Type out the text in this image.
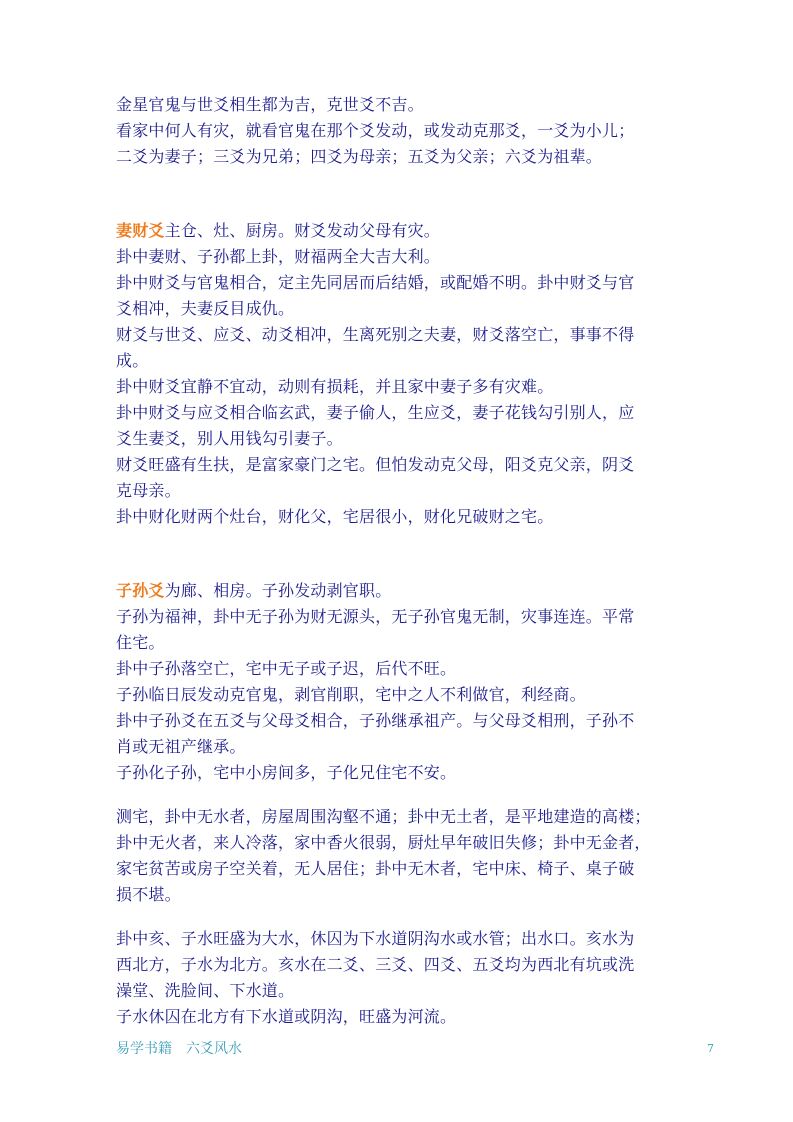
金星官鬼与世爻相生都为吉，克世爻不吉。
看家中何人有灾，就看官鬼在那个爻发动，或发动克那爻，一爻为小儿；
二爻为妻子；三爻为兄弟；四爻为母亲；五爻为父亲；六爻为祖辈。
妻财爻主仓、灶、厨房。财爻发动父母有灾。
卦中妻财、子孙都上卦，财福两全大吉大利。
卦中财爻与官鬼相合，定主先同居而后结婚，或配婚不明。卦中财爻与官
爻相冲，夫妻反目成仇。
财爻与世爻、应爻、动爻相冲，生离死别之夫妻，财爻落空亡，事事不得
成。
卦中财爻宜静不宜动，动则有损耗，并且家中妻子多有灾难。
卦中财爻与应爻相合临玄武，妻子偷人，生应爻，妻子花钱勾引别人，应
爻生妻爻，别人用钱勾引妻子。
财爻旺盛有生扶，是富家豪门之宅。但怕发动克父母，阳爻克父亲，阴爻
克母亲。
卦中财化财两个灶台，财化父，宅居很小，财化兄破财之宅。
子孙爻为廊、相房。子孙发动剥官职。
子孙为福神，卦中无子孙为财无源头，无子孙官鬼无制，灾事连连。平常
住宅。
卦中子孙落空亡，宅中无子或子迟，后代不旺。
子孙临日辰发动克官鬼，剥官削职，宅中之人不利做官，利经商。
卦中子孙爻在五爻与父母爻相合，子孙继承祖产。与父母爻相刑，子孙不
肖或无祖产继承。
子孙化子孙，宅中小房间多，子化兄住宅不安。
测宅，卦中无水者，房屋周围沟壑不通；卦中无土者，是平地建造的高楼；
卦中无火者，来人冷落，家中香火很弱，厨灶早年破旧失修；卦中无金者，
家宅贫苦或房子空关着，无人居住；卦中无木者，宅中床、椅子、桌子破
损不堪。
卦中亥、子水旺盛为大水，休囚为下水道阴沟水或水管；出水口。亥水为
西北方，子水为北方。亥水在二爻、三爻、四爻、五爻均为西北有坑或洗
澡堂、洗脸间、下水道。
子水休囚在北方有下水道或阴沟，旺盛为河流。
易学书籍　六爻风水	7
